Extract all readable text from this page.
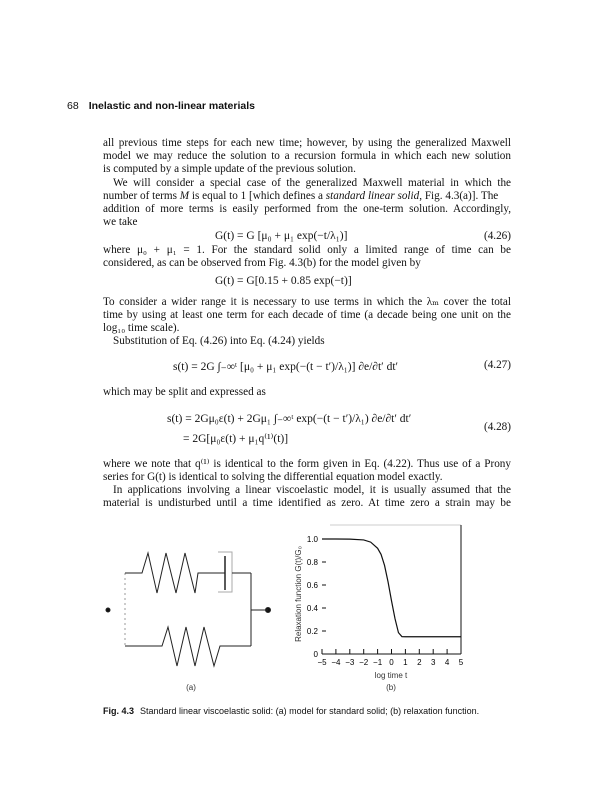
68 Inelastic and non-linear materials
all previous time steps for each new time; however, by using the generalized Maxwell
model we may reduce the solution to a recursion formula in which each new solution
is computed by a simple update of the previous solution.
We will consider a special case of the generalized Maxwell material in which the
number of terms M is equal to 1 [which defines a standard linear solid, Fig. 4.3(a)]. The
addition of more terms is easily performed from the one-term solution. Accordingly,
we take
G(t) = G [μ₀ + μ₁ exp(−t/λ₁)]	(4.26)
where μ₀ + μ₁ = 1. For the standard solid only a limited range of time can be
considered, as can be observed from Fig. 4.3(b) for the model given by
G(t) = G[0.15 + 0.85 exp(−t)]
To consider a wider range it is necessary to use terms in which the λₘ cover the total
time by using at least one term for each decade of time (a decade being one unit on the
log₁₀ time scale).
Substitution of Eq. (4.26) into Eq. (4.24) yields
s(t) = 2G ∫₋∞ᵗ [μ₀ + μ₁ exp(−(t − t′)/λ₁)] ∂e/∂t′ dt′	(4.27)
which may be split and expressed as
s(t) = 2Gμ₀ε(t) + 2Gμ₁ ∫₋∞ᵗ exp(−(t − t′)/λ₁) ∂e/∂t′ dt′
= 2G[μ₀ε(t) + μ₁q⁽¹⁾(t)]
(4.28)
where we note that q⁽¹⁾ is identical to the form given in Eq. (4.22). Thus use of a Prony
series for G(t) is identical to solving the differential equation model exactly.
In applications involving a linear viscoelastic model, it is usually assumed that the
material is undisturbed until a time identified as zero. At time zero a strain may be
(a)
Relaxation function G(t)/G₀
log time t
−5 −4 −3 −2 −1 0 1 2 3 4 5
0
0.2
0.4
0.6
0.8
1.0
(b)
Fig. 4.3 Standard linear viscoelastic solid: (a) model for standard solid; (b) relaxation function.
